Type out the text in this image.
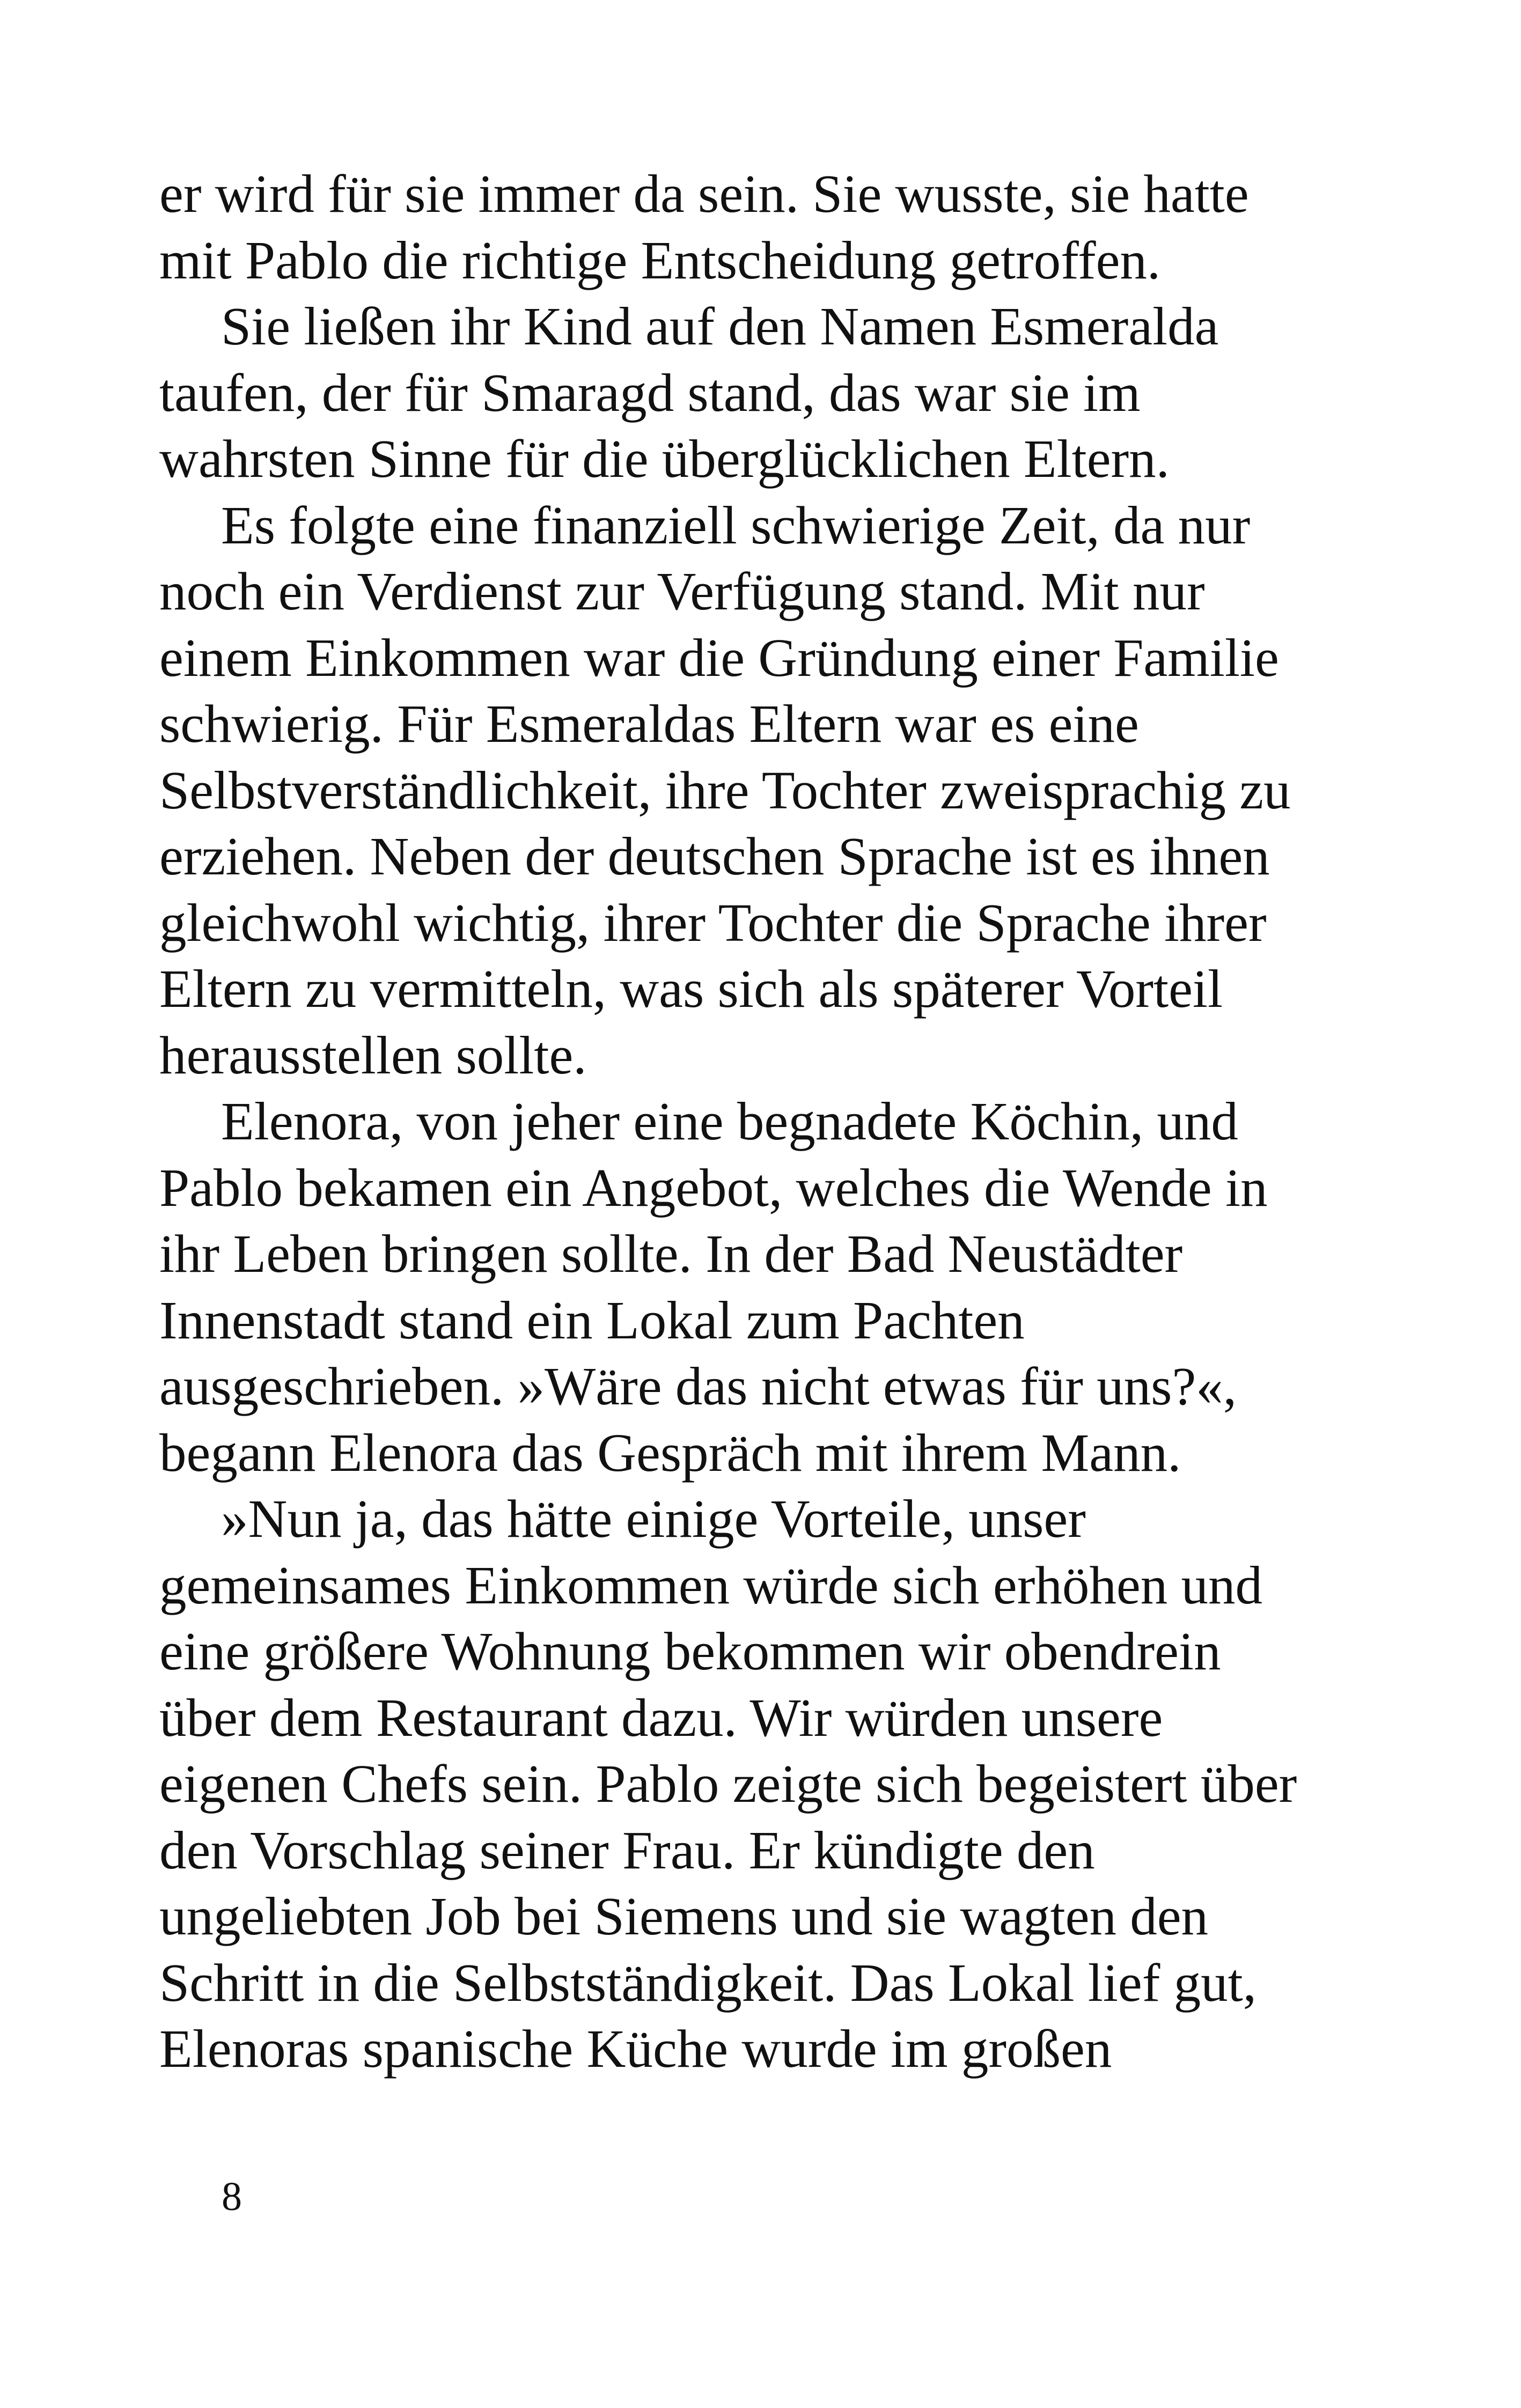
er wird für sie immer da sein. Sie wusste, sie hatte
mit Pablo die richtige Entscheidung getroffen.
Sie ließen ihr Kind auf den Namen Esmeralda
taufen, der für Smaragd stand, das war sie im
wahrsten Sinne für die überglücklichen Eltern.
Es folgte eine finanziell schwierige Zeit, da nur
noch ein Verdienst zur Verfügung stand. Mit nur
einem Einkommen war die Gründung einer Familie
schwierig. Für Esmeraldas Eltern war es eine
Selbstverständlichkeit, ihre Tochter zweisprachig zu
erziehen. Neben der deutschen Sprache ist es ihnen
gleichwohl wichtig, ihrer Tochter die Sprache ihrer
Eltern zu vermitteln, was sich als späterer Vorteil
herausstellen sollte.
Elenora, von jeher eine begnadete Köchin, und
Pablo bekamen ein Angebot, welches die Wende in
ihr Leben bringen sollte. In der Bad Neustädter
Innenstadt stand ein Lokal zum Pachten
ausgeschrieben. »Wäre das nicht etwas für uns?«,
begann Elenora das Gespräch mit ihrem Mann.
»Nun ja, das hätte einige Vorteile, unser
gemeinsames Einkommen würde sich erhöhen und
eine größere Wohnung bekommen wir obendrein
über dem Restaurant dazu. Wir würden unsere
eigenen Chefs sein. Pablo zeigte sich begeistert über
den Vorschlag seiner Frau. Er kündigte den
ungeliebten Job bei Siemens und sie wagten den
Schritt in die Selbstständigkeit. Das Lokal lief gut,
Elenoras spanische Küche wurde im großen
8
